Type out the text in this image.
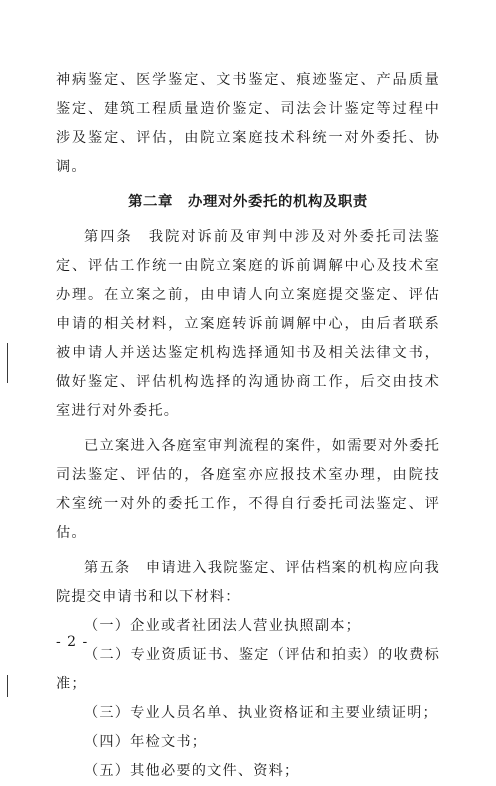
神病鉴定、医学鉴定、文书鉴定、痕迹鉴定、产品质量鉴定、建筑工程质量造价鉴定、司法会计鉴定等过程中涉及鉴定、评估，由院立案庭技术科统一对外委托、协调。

第二章　办理对外委托的机构及职责

第四条　我院对诉前及审判中涉及对外委托司法鉴定、评估工作统一由院立案庭的诉前调解中心及技术室办理。在立案之前，由申请人向立案庭提交鉴定、评估申请的相关材料，立案庭转诉前调解中心，由后者联系被申请人并送达鉴定机构选择通知书及相关法律文书，做好鉴定、评估机构选择的沟通协商工作，后交由技术室进行对外委托。

已立案进入各庭室审判流程的案件，如需要对外委托司法鉴定、评估的，各庭室亦应报技术室办理，由院技术室统一对外的委托工作，不得自行委托司法鉴定、评估。

第五条　申请进入我院鉴定、评估档案的机构应向我院提交申请书和以下材料：

（一）企业或者社团法人营业执照副本；

（二）专业资质证书、鉴定（评估和拍卖）的收费标准；

（三）专业人员名单、执业资格证和主要业绩证明；

（四）年检文书；

（五）其他必要的文件、资料；

- 2 -
